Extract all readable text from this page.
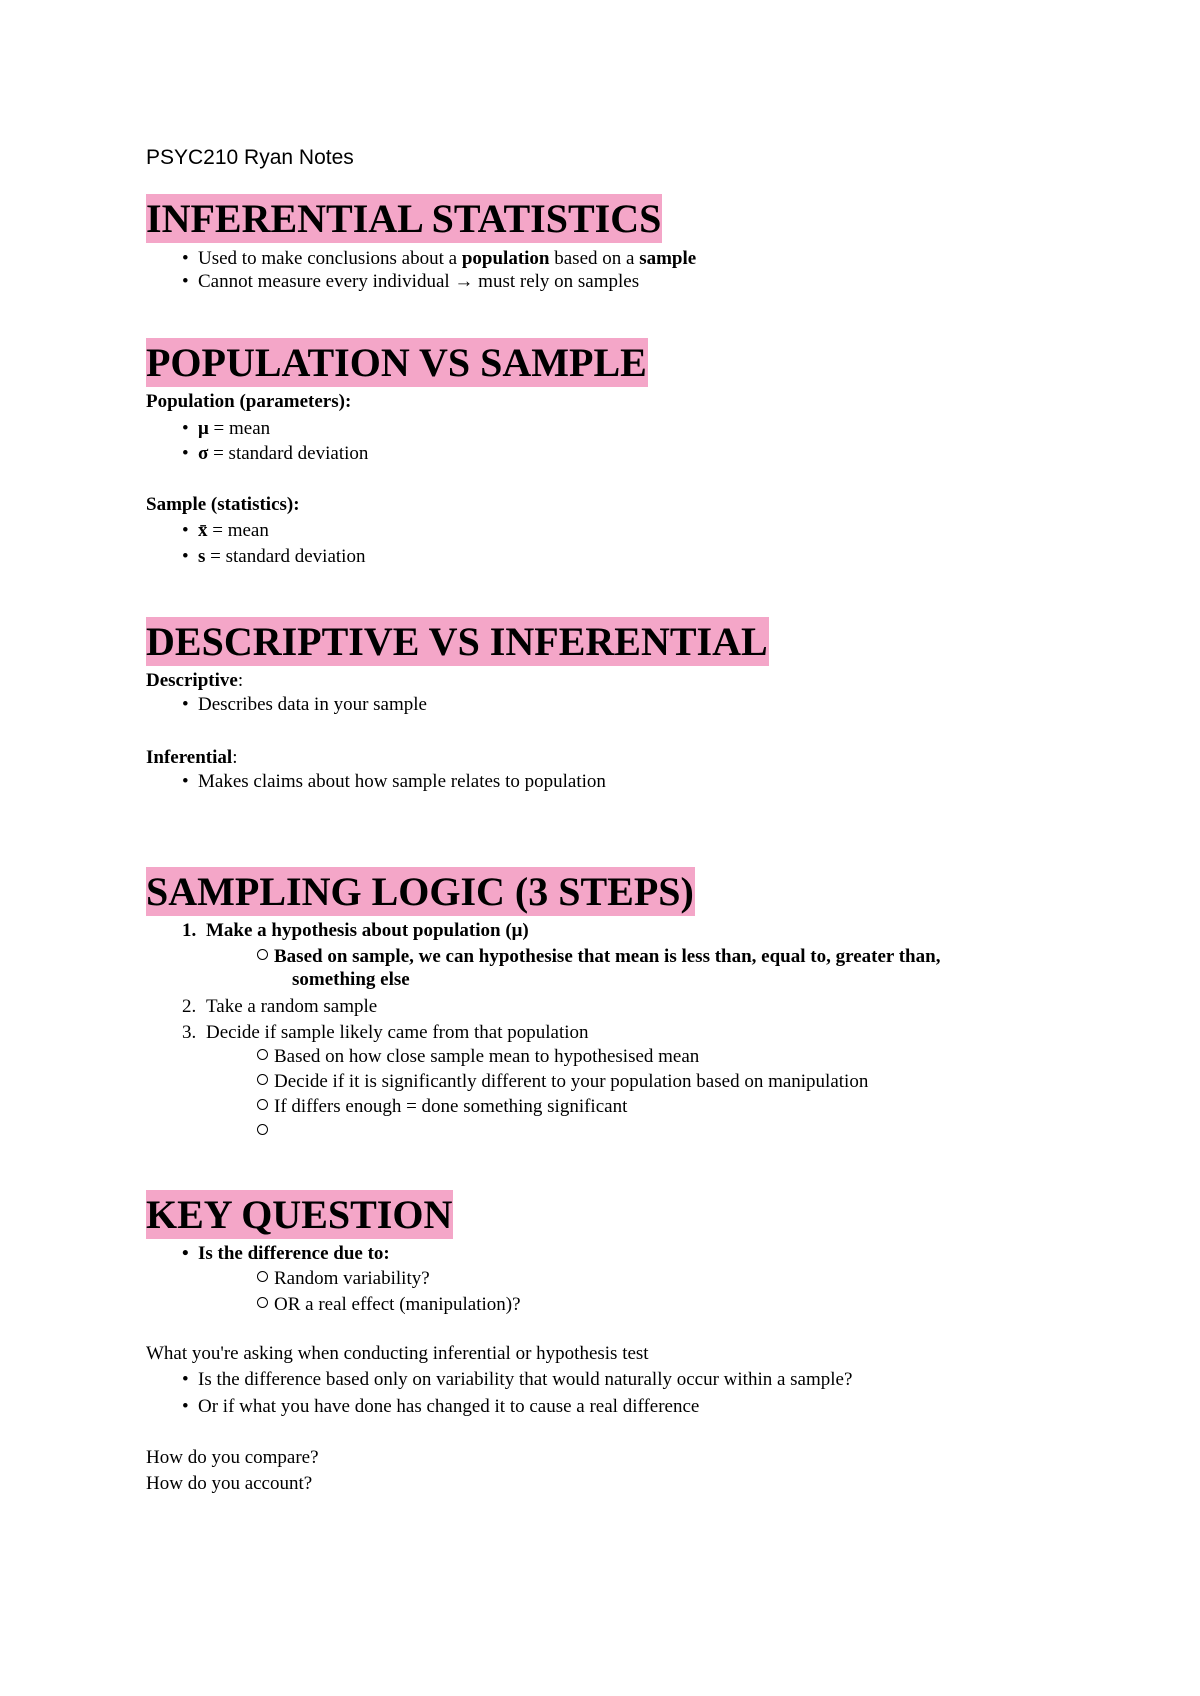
PSYC210 Ryan Notes
INFERENTIAL STATISTICS
• Used to make conclusions about a population based on a sample
• Cannot measure every individual → must rely on samples
POPULATION VS SAMPLE
Population (parameters):
• μ = mean
• σ = standard deviation
Sample (statistics):
• x̄ = mean
• s = standard deviation
DESCRIPTIVE VS INFERENTIAL
Descriptive:
• Describes data in your sample
Inferential:
• Makes claims about how sample relates to population
SAMPLING LOGIC (3 STEPS)
1. Make a hypothesis about population (μ)
Based on sample, we can hypothesise that mean is less than, equal to, greater than,
something else
2. Take a random sample
3. Decide if sample likely came from that population
Based on how close sample mean to hypothesised mean
Decide if it is significantly different to your population based on manipulation
If differs enough = done something significant
KEY QUESTION
• Is the difference due to:
Random variability?
OR a real effect (manipulation)?
What you're asking when conducting inferential or hypothesis test
• Is the difference based only on variability that would naturally occur within a sample?
• Or if what you have done has changed it to cause a real difference
How do you compare?
How do you account?
